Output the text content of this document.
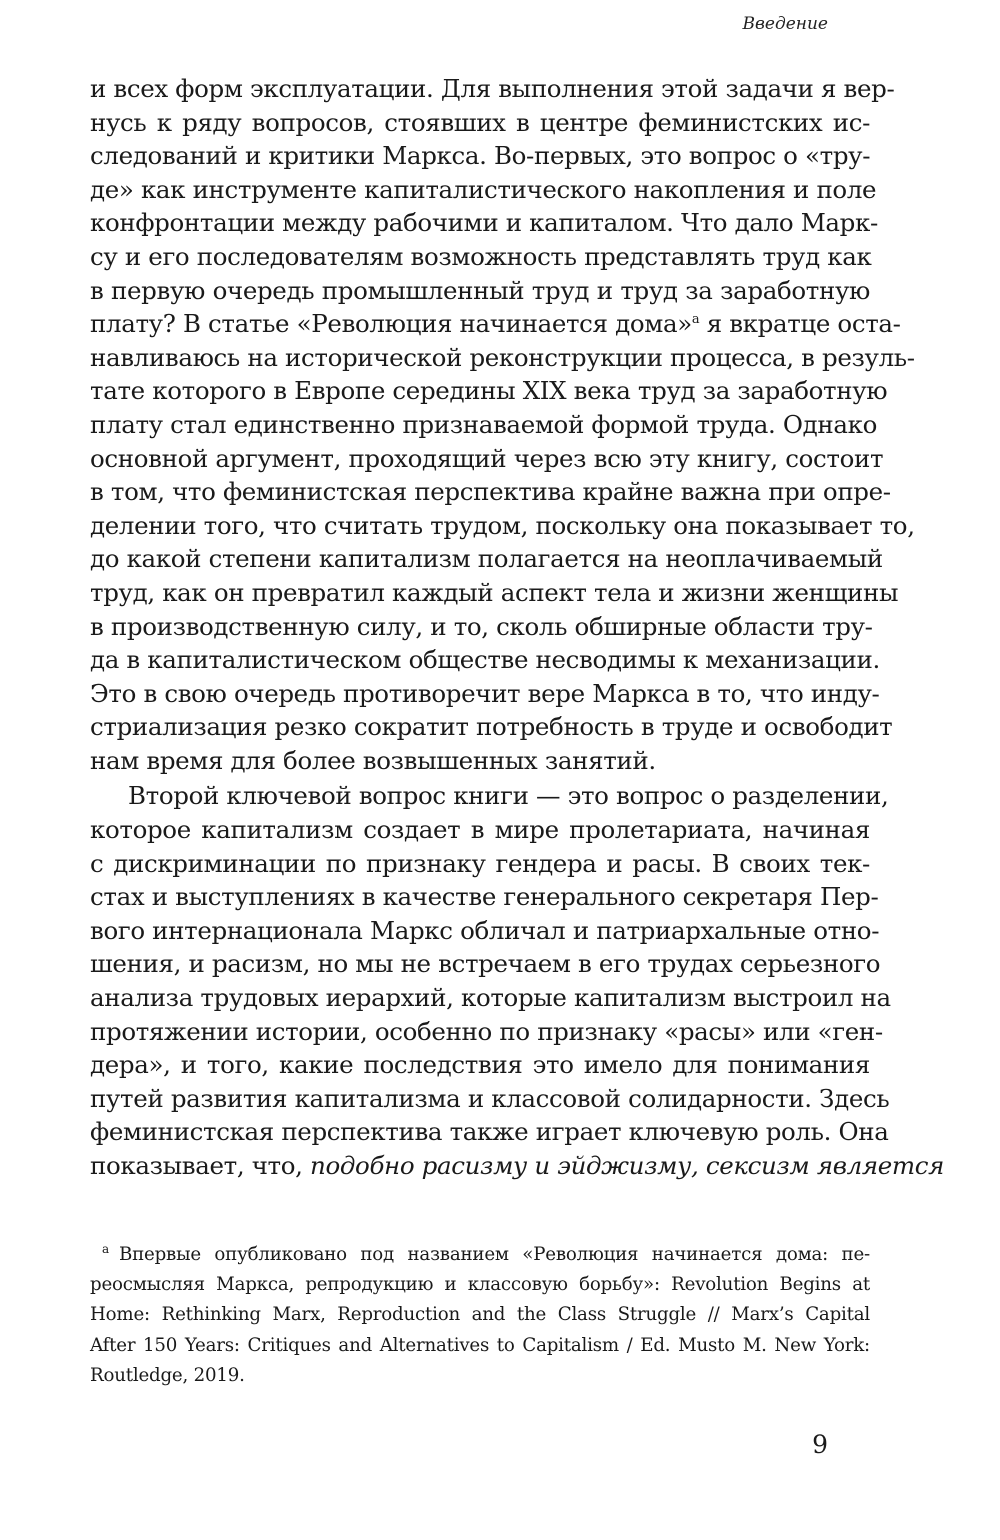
Введение
и всех форм эксплуатации. Для выполнения этой задачи я вер-
нусь к ряду вопросов, стоявших в центре феминистских ис-
следований и критики Маркса. Во-первых, это вопрос о «тру-
де» как инструменте капиталистического накопления и поле
конфронтации между рабочими и капиталом. Что дало Марк-
су и его последователям возможность представлять труд как
в первую очередь промышленный труд и труд за заработную
плату? В статье «Революция начинается дома»$^a$ я вкратце оста-
навливаюсь на исторической реконструкции процесса, в резуль-
тате которого в Европе середины XIX века труд за заработную
плату стал единственно признаваемой формой труда. Однако
основной аргумент, проходящий через всю эту книгу, состоит
в том, что феминистская перспектива крайне важна при опре-
делении того, что считать трудом, поскольку она показывает то,
до какой степени капитализм полагается на неоплачиваемый
труд, как он превратил каждый аспект тела и жизни женщины
в производственную силу, и то, сколь обширные области тру-
да в капиталистическом обществе несводимы к механизации.
Это в свою очередь противоречит вере Маркса в то, что инду-
стриализация резко сократит потребность в труде и освободит
нам время для более возвышенных занятий.
Второй ключевой вопрос книги — это вопрос о разделении,
которое капитализм создает в мире пролетариата, начиная
с дискриминации по признаку гендера и расы. В своих тек-
стах и выступлениях в качестве генерального секретаря Пер-
вого интернационала Маркс обличал и патриархальные отно-
шения, и расизм, но мы не встречаем в его трудах серьезного
анализа трудовых иерархий, которые капитализм выстроил на
протяжении истории, особенно по признаку «расы» или «ген-
дера», и того, какие последствия это имело для понимания
путей развития капитализма и классовой солидарности. Здесь
феминистская перспектива также играет ключевую роль. Она
показывает, что, подобно расизму и эйджизму, сексизм является
$^a$ Впервые опубликовано под названием «Революция начинается дома: пе-
реосмысляя Маркса, репродукцию и классовую борьбу»: Revolution Begins at
Home: Rethinking Marx, Reproduction and the Class Struggle // Marx’s Capital
After 150 Years: Critiques and Alternatives to Capitalism / Ed. Musto M. New York:
Routledge, 2019.
9
